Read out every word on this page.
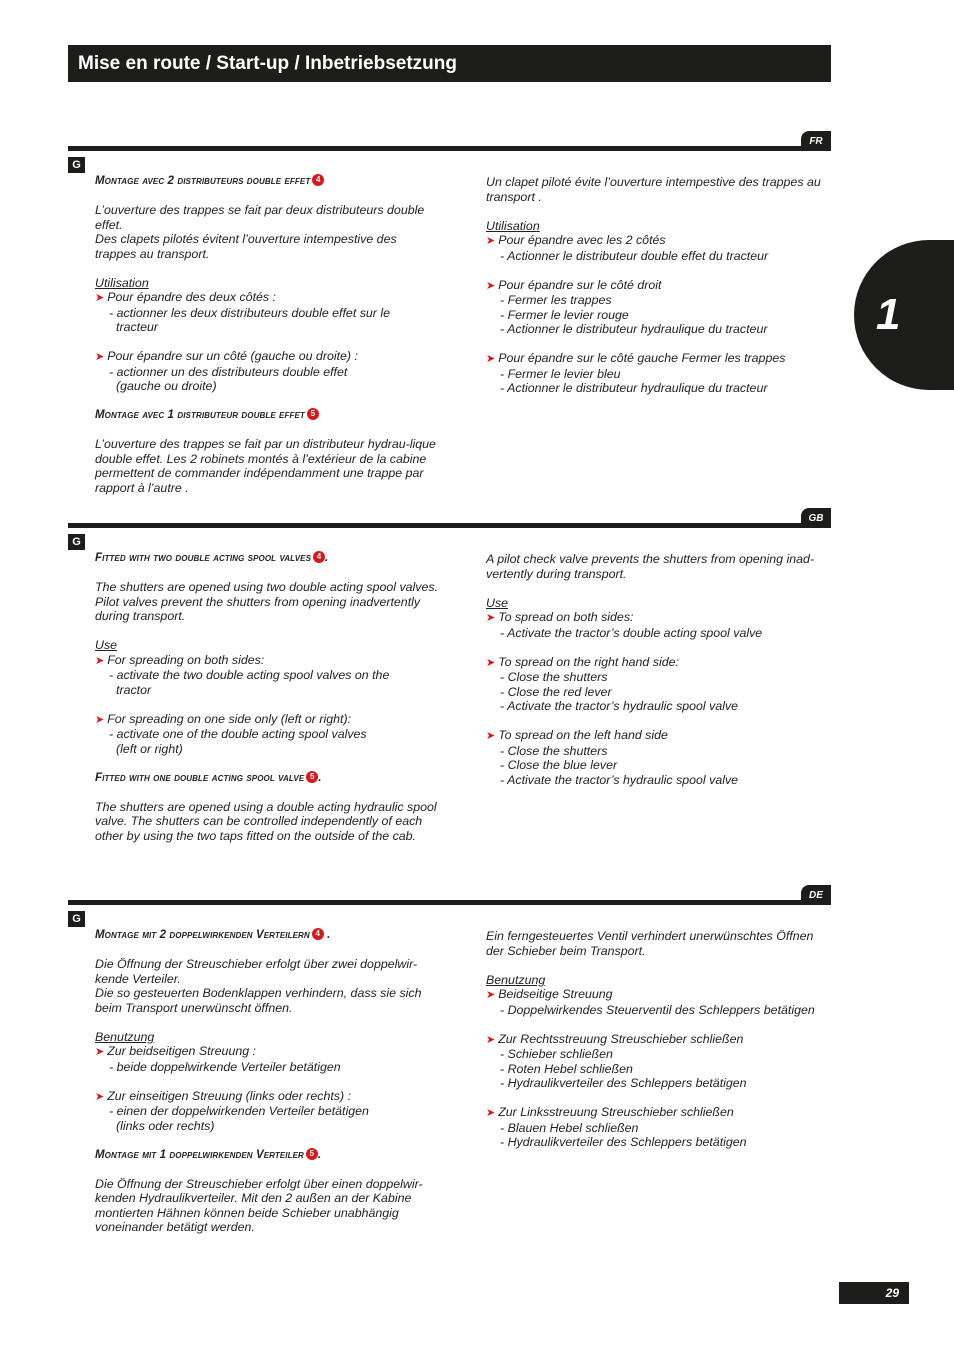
Mise en route / Start-up / Inbetriebsetzung
1
FR
G

Montage avec 2 distributeurs double effet 4

L’ouverture des trappes se fait par deux distributeurs double effet.

Des clapets pilotés évitent l’ouverture intempestive des trappes au transport.

Utilisation

➤ Pour épandre des deux côtés :

- actionner les deux distributeurs double effet sur le

tracteur

➤ Pour épandre sur un côté (gauche ou droite) :

- actionner un des distributeurs double effet

(gauche ou droite)

Montage avec 1 distributeur double effet 5

L’ouverture des trappes se fait par un distributeur hydrau-lique double effet. Les 2 robinets montés à l’extérieur de la cabine permettent de commander indépendamment une trappe par rapport à l’autre .

Un clapet piloté évite l’ouverture intempestive des trappes au transport .

Utilisation

➤ Pour épandre avec les 2 côtés

- Actionner le distributeur double effet du tracteur

➤ Pour épandre sur le côté droit

- Fermer les trappes

- Fermer le levier rouge

- Actionner le distributeur hydraulique du tracteur

➤ Pour épandre sur le côté gauche Fermer les trappes

- Fermer le levier bleu

- Actionner le distributeur hydraulique du tracteur

GB
G

Fitted with two double acting spool valves 4 .

The shutters are opened using two double acting spool valves.

Pilot valves prevent the shutters from opening inadvertently during transport.

Use

➤ For spreading on both sides:

- activate the two double acting spool valves on the

tractor

➤ For spreading on one side only (left or right):

- activate one of the double acting spool valves

(left or right)

Fitted with one double acting spool valve 5 .

The shutters are opened using a double acting hydraulic spool valve. The shutters can be controlled independently of each other by using the two taps fitted on the outside of the cab.

A pilot check valve prevents the shutters from opening inad-vertently during transport.

Use

➤ To spread on both sides:

- Activate the tractor’s double acting spool valve

➤ To spread on the right hand side:

- Close the shutters

- Close the red lever

- Activate the tractor’s hydraulic spool valve

➤ To spread on the left hand side

- Close the shutters

- Close the blue lever

- Activate the tractor’s hydraulic spool valve

DE
G

Montage mit 2 doppelwirkenden Verteilern 4 .

Die Öffnung der Streuschieber erfolgt über zwei doppelwir-kende Verteiler.

Die so gesteuerten Bodenklappen verhindern, dass sie sich beim Transport unerwünscht öffnen.

Benutzung

➤ Zur beidseitigen Streuung :

- beide doppelwirkende Verteiler betätigen

➤ Zur einseitigen Streuung (links oder rechts) :

- einen der doppelwirkenden Verteiler betätigen

(links oder rechts)

Montage mit 1 doppelwirkenden Verteiler 5 .

Die Öffnung der Streuschieber erfolgt über einen doppelwir-kenden Hydraulikverteiler. Mit den 2 außen an der Kabine montierten Hähnen können beide Schieber unabhängig voneinander betätigt werden.

Ein ferngesteuertes Ventil verhindert unerwünschtes Öffnen der Schieber beim Transport.

Benutzung

➤ Beidseitige Streuung

- Doppelwirkendes Steuerventil des Schleppers betätigen

➤ Zur Rechtsstreuung Streuschieber schließen

- Schieber schließen

- Roten Hebel schließen

- Hydraulikverteiler des Schleppers betätigen

➤ Zur Linksstreuung Streuschieber schließen

- Blauen Hebel schließen

- Hydraulikverteiler des Schleppers betätigen

29
